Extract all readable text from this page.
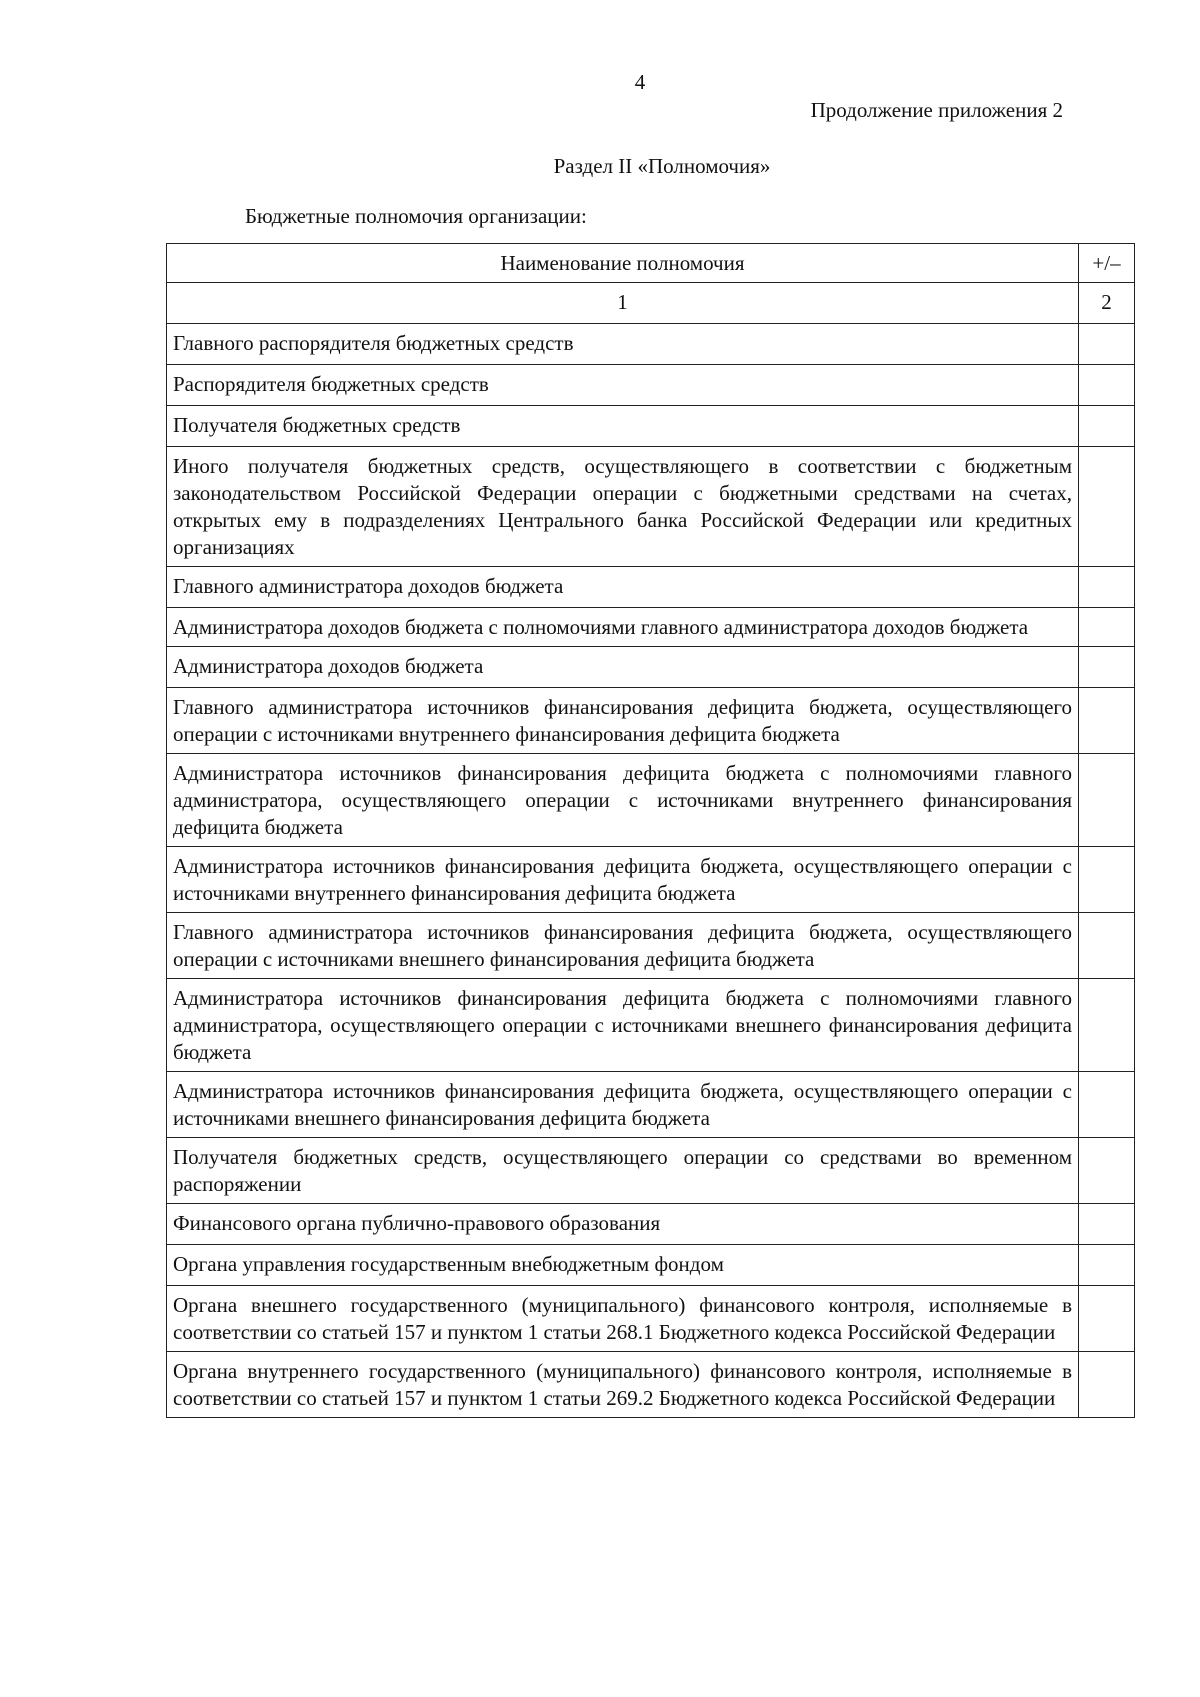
4
Продолжение приложения 2
Раздел II «Полномочия»
Бюджетные полномочия организации:
Наименование полномочия	+/–
1	2
Главного распорядителя бюджетных средств	
Распорядителя бюджетных средств	
Получателя бюджетных средств	
Иного получателя бюджетных средств, осуществляющего в соответствии с бюджетным законодательством Российской Федерации операции с бюджетными средствами на счетах, открытых ему в подразделениях Центрального банка Российской Федерации или кредитных организациях	
Главного администратора доходов бюджета	
Администратора доходов бюджета с полномочиями главного администратора доходов бюджета	
Администратора доходов бюджета	
Главного администратора источников финансирования дефицита бюджета, осуществляющего операции с источниками внутреннего финансирования дефицита бюджета	
Администратора источников финансирования дефицита бюджета с полномочиями главного администратора, осуществляющего операции с источниками внутреннего финансирования дефицита бюджета	
Администратора источников финансирования дефицита бюджета, осуществляющего операции с источниками внутреннего финансирования дефицита бюджета	
Главного администратора источников финансирования дефицита бюджета, осуществляющего операции с источниками внешнего финансирования дефицита бюджета	
Администратора источников финансирования дефицита бюджета с полномочиями главного администратора, осуществляющего операции с источниками внешнего финансирования дефицита бюджета	
Администратора источников финансирования дефицита бюджета, осуществляющего операции с источниками внешнего финансирования дефицита бюджета	
Получателя бюджетных средств, осуществляющего операции со средствами во временном распоряжении	
Финансового органа публично-правового образования	
Органа управления государственным внебюджетным фондом	
Органа внешнего государственного (муниципального) финансового контроля, исполняемые в соответствии со статьей 157 и пунктом 1 статьи 268.1 Бюджетного кодекса Российской Федерации	
Органа внутреннего государственного (муниципального) финансового контроля, исполняемые в соответствии со статьей 157 и пунктом 1 статьи 269.2 Бюджетного кодекса Российской Федерации	
